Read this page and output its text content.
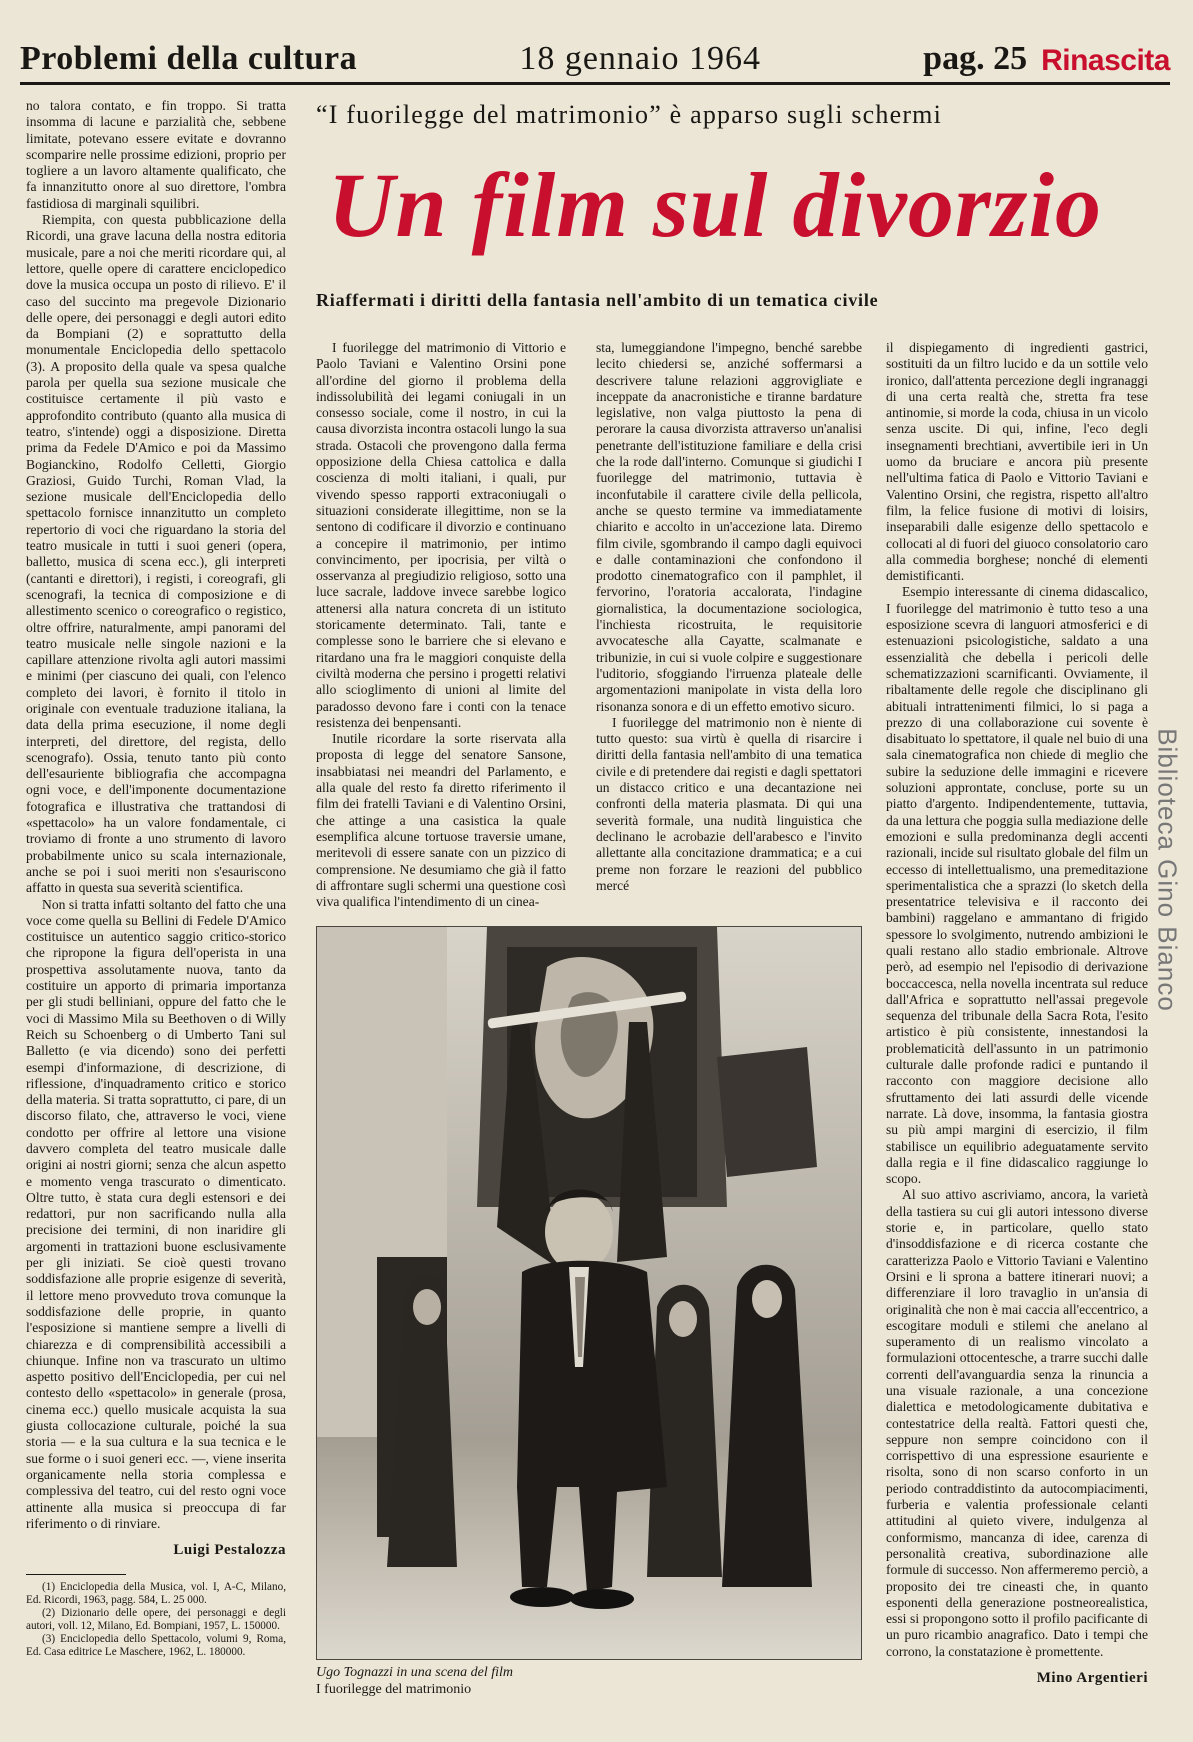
Problemi della cultura	18 gennaio 1964	pag. 25 Rinascita

no talora contato, e fin troppo. Si tratta insomma di lacune e parzialità che, sebbene limitate, potevano essere evitate e dovranno scomparire nelle prossime edizioni, proprio per togliere a un lavoro altamente qualificato, che fa innanzitutto onore al suo direttore, l'ombra fastidiosa di marginali squilibri.

Riempita, con questa pubblicazione della Ricordi, una grave lacuna della nostra editoria musicale, pare a noi che meriti ricordare qui, al lettore, quelle opere di carattere enciclopedico dove la musica occupa un posto di rilievo. E' il caso del succinto ma pregevole Dizionario delle opere, dei personaggi e degli autori edito da Bompiani (2) e soprattutto della monumentale Enciclopedia dello spettacolo (3). A proposito della quale va spesa qualche parola per quella sua sezione musicale che costituisce certamente il più vasto e approfondito contributo (quanto alla musica di teatro, s'intende) oggi a disposizione. Diretta prima da Fedele D'Amico e poi da Massimo Bogianckino, Rodolfo Celletti, Giorgio Graziosi, Guido Turchi, Roman Vlad, la sezione musicale dell'Enciclopedia dello spettacolo fornisce innanzitutto un completo repertorio di voci che riguardano la storia del teatro musicale in tutti i suoi generi (opera, balletto, musica di scena ecc.), gli interpreti (cantanti e direttori), i registi, i coreografi, gli scenografi, la tecnica di composizione e di allestimento scenico o coreografico o registico, oltre offrire, naturalmente, ampi panorami del teatro musicale nelle singole nazioni e la capillare attenzione rivolta agli autori massimi e minimi (per ciascuno dei quali, con l'elenco completo dei lavori, è fornito il titolo in originale con eventuale traduzione italiana, la data della prima esecuzione, il nome degli interpreti, del direttore, del regista, dello scenografo). Ossia, tenuto tanto più conto dell'esauriente bibliografia che accompagna ogni voce, e dell'imponente documentazione fotografica e illustrativa che trattandosi di «spettacolo» ha un valore fondamentale, ci troviamo di fronte a uno strumento di lavoro probabilmente unico su scala internazionale, anche se poi i suoi meriti non s'esauriscono affatto in questa sua severità scientifica.

Non si tratta infatti soltanto del fatto che una voce come quella su Bellini di Fedele D'Amico costituisce un autentico saggio critico-storico che ripropone la figura dell'operista in una prospettiva assolutamente nuova, tanto da costituire un apporto di primaria importanza per gli studi belliniani, oppure del fatto che le voci di Massimo Mila su Beethoven o di Willy Reich su Schoenberg o di Umberto Tani sul Balletto (e via dicendo) sono dei perfetti esempi d'informazione, di descrizione, di riflessione, d'inquadramento critico e storico della materia. Si tratta soprattutto, ci pare, di un discorso filato, che, attraverso le voci, viene condotto per offrire al lettore una visione davvero completa del teatro musicale dalle origini ai nostri giorni; senza che alcun aspetto e momento venga trascurato o dimenticato. Oltre tutto, è stata cura degli estensori e dei redattori, pur non sacrificando nulla alla precisione dei termini, di non inaridire gli argomenti in trattazioni buone esclusivamente per gli iniziati. Se cioè questi trovano soddisfazione alle proprie esigenze di severità, il lettore meno provveduto trova comunque la soddisfazione delle proprie, in quanto l'esposizione si mantiene sempre a livelli di chiarezza e di comprensibilità accessibili a chiunque. Infine non va trascurato un ultimo aspetto positivo dell'Enciclopedia, per cui nel contesto dello «spettacolo» in generale (prosa, cinema ecc.) quello musicale acquista la sua giusta collocazione culturale, poiché la sua storia — e la sua cultura e la sua tecnica e le sue forme o i suoi generi ecc. —, viene inserita organicamente nella storia complessa e complessiva del teatro, cui del resto ogni voce attinente alla musica si preoccupa di far riferimento o di rinviare.

Luigi Pestalozza

(1) Enciclopedia della Musica, vol. I, A-C, Milano, Ed. Ricordi, 1963, pagg. 584, L. 25 000.

(2) Dizionario delle opere, dei personaggi e degli autori, voll. 12, Milano, Ed. Bompiani, 1957, L. 150000.

(3) Enciclopedia dello Spettacolo, volumi 9, Roma, Ed. Casa editrice Le Maschere, 1962, L. 180000.

“I fuorilegge del matrimonio” è apparso sugli schermi
Un film sul divorzio
Riaffermati i diritti della fantasia nell'ambito di un tematica civile

I fuorilegge del matrimonio di Vittorio e Paolo Taviani e Valentino Orsini pone all'ordine del giorno il problema della indissolubilità dei legami coniugali in un consesso sociale, come il nostro, in cui la causa divorzista incontra ostacoli lungo la sua strada. Ostacoli che provengono dalla ferma opposizione della Chiesa cattolica e dalla coscienza di molti italiani, i quali, pur vivendo spesso rapporti extraconiugali o situazioni considerate illegittime, non se la sentono di codificare il divorzio e continuano a concepire il matrimonio, per intimo convincimento, per ipocrisia, per viltà o osservanza al pregiudizio religioso, sotto una luce sacrale, laddove invece sarebbe logico attenersi alla natura concreta di un istituto storicamente determinato. Tali, tante e complesse sono le barriere che si elevano e ritardano una fra le maggiori conquiste della civiltà moderna che persino i progetti relativi allo scioglimento di unioni al limite del paradosso devono fare i conti con la tenace resistenza dei benpensanti.

Inutile ricordare la sorte riservata alla proposta di legge del senatore Sansone, insabbiatasi nei meandri del Parlamento, e alla quale del resto fa diretto riferimento il film dei fratelli Taviani e di Valentino Orsini, che attinge a una casistica la quale esemplifica alcune tortuose traversie umane, meritevoli di essere sanate con un pizzico di comprensione. Ne desumiamo che già il fatto di affrontare sugli schermi una questione così viva qualifica l'intendimento di un cinea-

sta, lumeggiandone l'impegno, benché sarebbe lecito chiedersi se, anziché soffermarsi a descrivere talune relazioni aggrovigliate e inceppate da anacronistiche e tiranne bardature legislative, non valga piuttosto la pena di perorare la causa divorzista attraverso un'analisi penetrante dell'istituzione familiare e della crisi che la rode dall'interno. Comunque si giudichi I fuorilegge del matrimonio, tuttavia è inconfutabile il carattere civile della pellicola, anche se questo termine va immediatamente chiarito e accolto in un'accezione lata. Diremo film civile, sgombrando il campo dagli equivoci e dalle contaminazioni che confondono il prodotto cinematografico con il pamphlet, il fervorino, l'oratoria accalorata, l'indagine giornalistica, la documentazione sociologica, l'inchiesta ricostruita, le requisitorie avvocatesche alla Cayatte, scalmanate e tribunizie, in cui si vuole colpire e suggestionare l'uditorio, sfoggiando l'irruenza plateale delle argomentazioni manipolate in vista della loro risonanza sonora e di un effetto emotivo sicuro.

I fuorilegge del matrimonio non è niente di tutto questo: sua virtù è quella di risarcire i diritti della fantasia nell'ambito di una tematica civile e di pretendere dai registi e dagli spettatori un distacco critico e una decantazione nei confronti della materia plasmata. Di qui una severità formale, una nudità linguistica che declinano le acrobazie dell'arabesco e l'invito allettante alla concitazione drammatica; e a cui preme non forzare le reazioni del pubblico mercé

il dispiegamento di ingredienti gastrici, sostituiti da un filtro lucido e da un sottile velo ironico, dall'attenta percezione degli ingranaggi di una certa realtà che, stretta fra tese antinomie, si morde la coda, chiusa in un vicolo senza uscite. Di qui, infine, l'eco degli insegnamenti brechtiani, avvertibile ieri in Un uomo da bruciare e ancora più presente nell'ultima fatica di Paolo e Vittorio Taviani e Valentino Orsini, che registra, rispetto all'altro film, la felice fusione di motivi di loisirs, inseparabili dalle esigenze dello spettacolo e collocati al di fuori del giuoco consolatorio caro alla commedia borghese; nonché di elementi demistificanti.

Esempio interessante di cinema didascalico, I fuorilegge del matrimonio è tutto teso a una esposizione scevra di languori atmosferici e di estenuazioni psicologistiche, saldato a una essenzialità che debella i pericoli delle schematizzazioni scarnificanti. Ovviamente, il ribaltamente delle regole che disciplinano gli abituali intrattenimenti filmici, lo si paga a prezzo di una collaborazione cui sovente è disabituato lo spettatore, il quale nel buio di una sala cinematografica non chiede di meglio che subire la seduzione delle immagini e ricevere soluzioni approntate, concluse, porte su un piatto d'argento. Indipendentemente, tuttavia, da una lettura che poggia sulla mediazione delle emozioni e sulla predominanza degli accenti razionali, incide sul risultato globale del film un eccesso di intellettualismo, una premeditazione sperimentalistica che a sprazzi (lo sketch della presentatrice televisiva e il racconto dei bambini) raggelano e ammantano di frigido spessore lo svolgimento, nutrendo ambizioni le quali restano allo stadio embrionale. Altrove però, ad esempio nel l'episodio di derivazione boccaccesca, nella novella incentrata sul reduce dall'Africa e soprattutto nell'assai pregevole sequenza del tribunale della Sacra Rota, l'esito artistico è più consistente, innestandosi la problematicità dell'assunto in un patrimonio culturale dalle profonde radici e puntando il racconto con maggiore decisione allo sfruttamento dei lati assurdi delle vicende narrate. Là dove, insomma, la fantasia giostra su più ampi margini di esercizio, il film stabilisce un equilibrio adeguatamente servito dalla regia e il fine didascalico raggiunge lo scopo.

Al suo attivo ascriviamo, ancora, la varietà della tastiera su cui gli autori intessono diverse storie e, in particolare, quello stato d'insoddisfazione e di ricerca costante che caratterizza Paolo e Vittorio Taviani e Valentino Orsini e li sprona a battere itinerari nuovi; a differenziare il loro travaglio in un'ansia di originalità che non è mai caccia all'eccentrico, a escogitare moduli e stilemi che anelano al superamento di un realismo vincolato a formulazioni ottocentesche, a trarre succhi dalle correnti dell'avanguardia senza la rinuncia a una visuale razionale, a una concezione dialettica e metodologicamente dubitativa e contestatrice della realtà. Fattori questi che, seppure non sempre coincidono con il corrispettivo di una espressione esauriente e risolta, sono di non scarso conforto in un periodo contraddistinto da autocompiacimenti, furberia e valentia professionale celanti attitudini al quieto vivere, indulgenza al conformismo, mancanza di idee, carenza di personalità creativa, subordinazione alle formule di successo. Non affermeremo perciò, a proposito dei tre cineasti che, in quanto esponenti della generazione postneorealistica, essi si propongono sotto il profilo pacificante di un puro ricambio anagrafico. Dato i tempi che corrono, la constatazione è promettente.

Mino Argentieri
Ugo Tognazzi in una scena del film
I fuorilegge del matrimonio
Biblioteca Gino Bianco
